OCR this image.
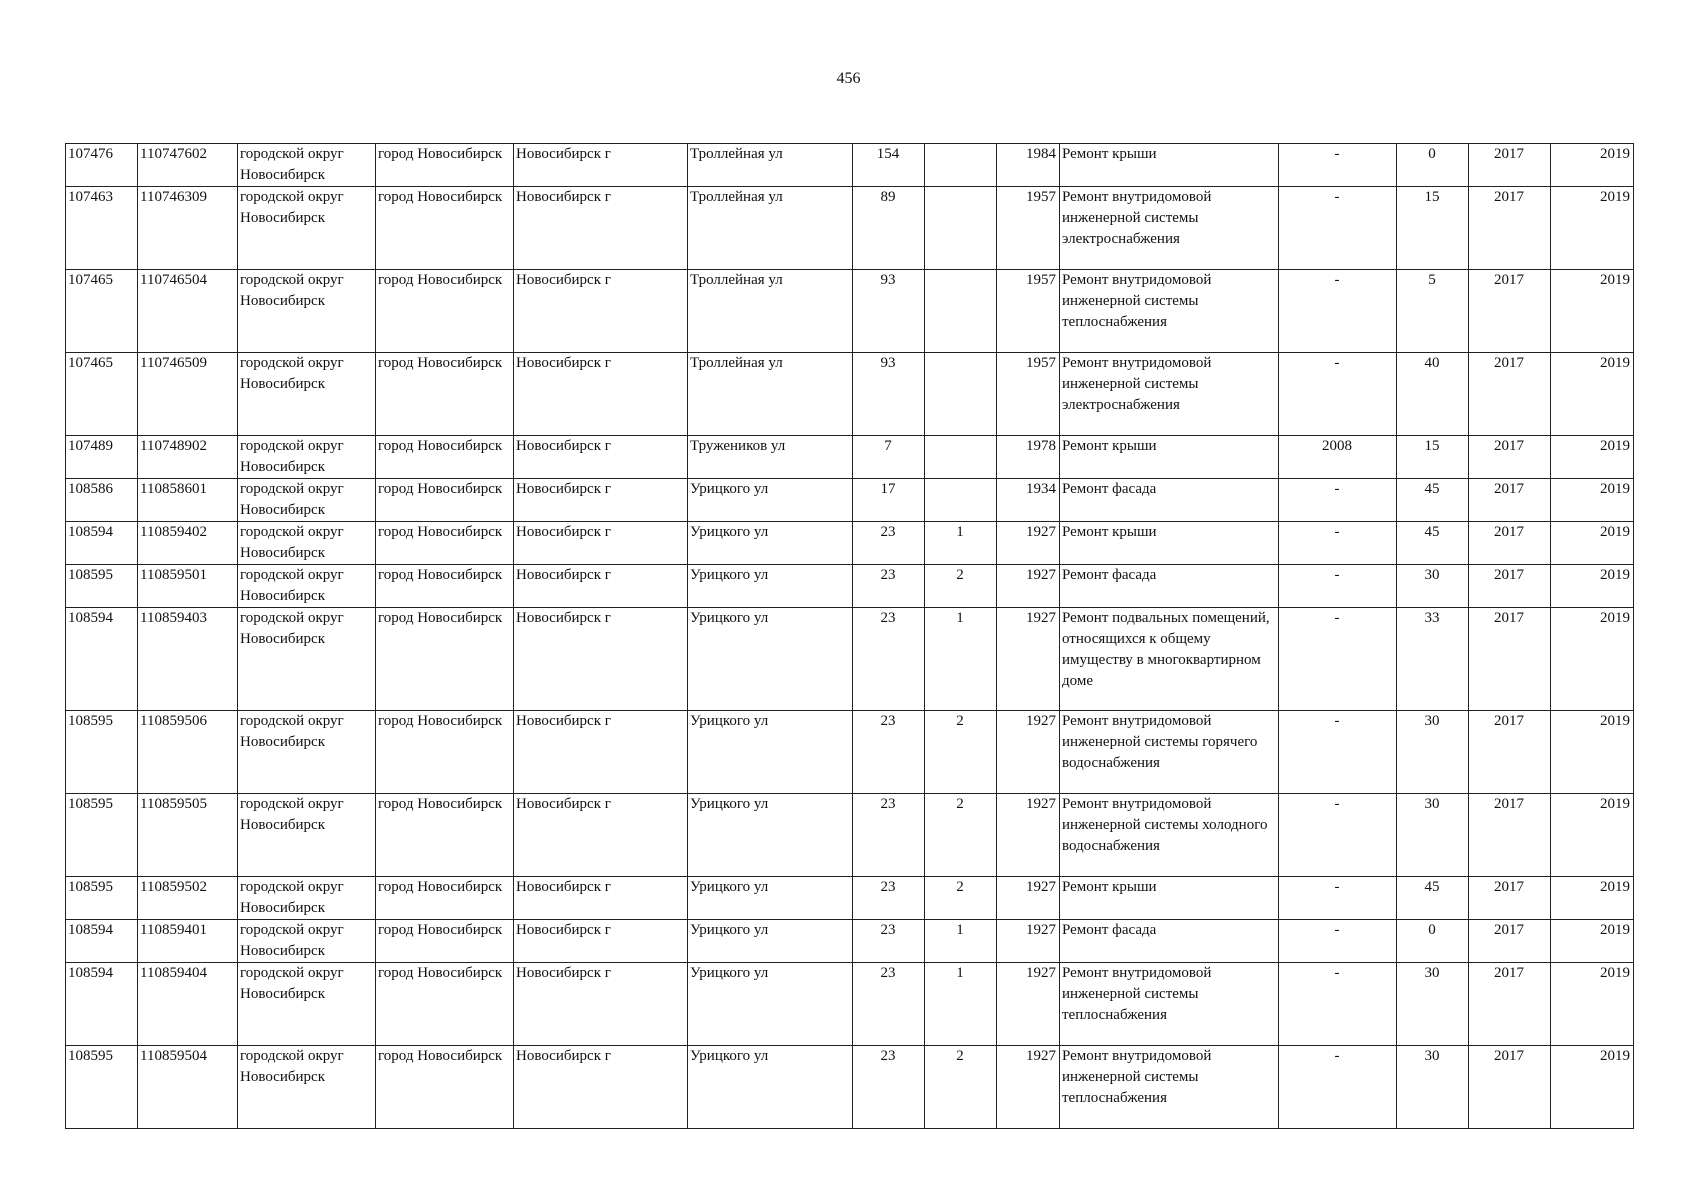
456
107476	110747602	городской округ Новосибирск	город Новосибирск	Новосибирск г	Троллейная ул	154		1984	Ремонт крыши	-	0	2017	2019
107463	110746309	городской округ Новосибирск	город Новосибирск	Новосибирск г	Троллейная ул	89		1957	Ремонт внутридомовой инженерной системы электроснабжения	-	15	2017	2019
107465	110746504	городской округ Новосибирск	город Новосибирск	Новосибирск г	Троллейная ул	93		1957	Ремонт внутридомовой инженерной системы теплоснабжения	-	5	2017	2019
107465	110746509	городской округ Новосибирск	город Новосибирск	Новосибирск г	Троллейная ул	93		1957	Ремонт внутридомовой инженерной системы электроснабжения	-	40	2017	2019
107489	110748902	городской округ Новосибирск	город Новосибирск	Новосибирск г	Тружеников ул	7		1978	Ремонт крыши	2008	15	2017	2019
108586	110858601	городской округ Новосибирск	город Новосибирск	Новосибирск г	Урицкого ул	17		1934	Ремонт фасада	-	45	2017	2019
108594	110859402	городской округ Новосибирск	город Новосибирск	Новосибирск г	Урицкого ул	23	1	1927	Ремонт крыши	-	45	2017	2019
108595	110859501	городской округ Новосибирск	город Новосибирск	Новосибирск г	Урицкого ул	23	2	1927	Ремонт фасада	-	30	2017	2019
108594	110859403	городской округ Новосибирск	город Новосибирск	Новосибирск г	Урицкого ул	23	1	1927	Ремонт подвальных помещений, относящихся к общему имуществу в многоквартирном доме	-	33	2017	2019
108595	110859506	городской округ Новосибирск	город Новосибирск	Новосибирск г	Урицкого ул	23	2	1927	Ремонт внутридомовой инженерной системы горячего водоснабжения	-	30	2017	2019
108595	110859505	городской округ Новосибирск	город Новосибирск	Новосибирск г	Урицкого ул	23	2	1927	Ремонт внутридомовой инженерной системы холодного водоснабжения	-	30	2017	2019
108595	110859502	городской округ Новосибирск	город Новосибирск	Новосибирск г	Урицкого ул	23	2	1927	Ремонт крыши	-	45	2017	2019
108594	110859401	городской округ Новосибирск	город Новосибирск	Новосибирск г	Урицкого ул	23	1	1927	Ремонт фасада	-	0	2017	2019
108594	110859404	городской округ Новосибирск	город Новосибирск	Новосибирск г	Урицкого ул	23	1	1927	Ремонт внутридомовой инженерной системы теплоснабжения	-	30	2017	2019
108595	110859504	городской округ Новосибирск	город Новосибирск	Новосибирск г	Урицкого ул	23	2	1927	Ремонт внутридомовой инженерной системы теплоснабжения	-	30	2017	2019
